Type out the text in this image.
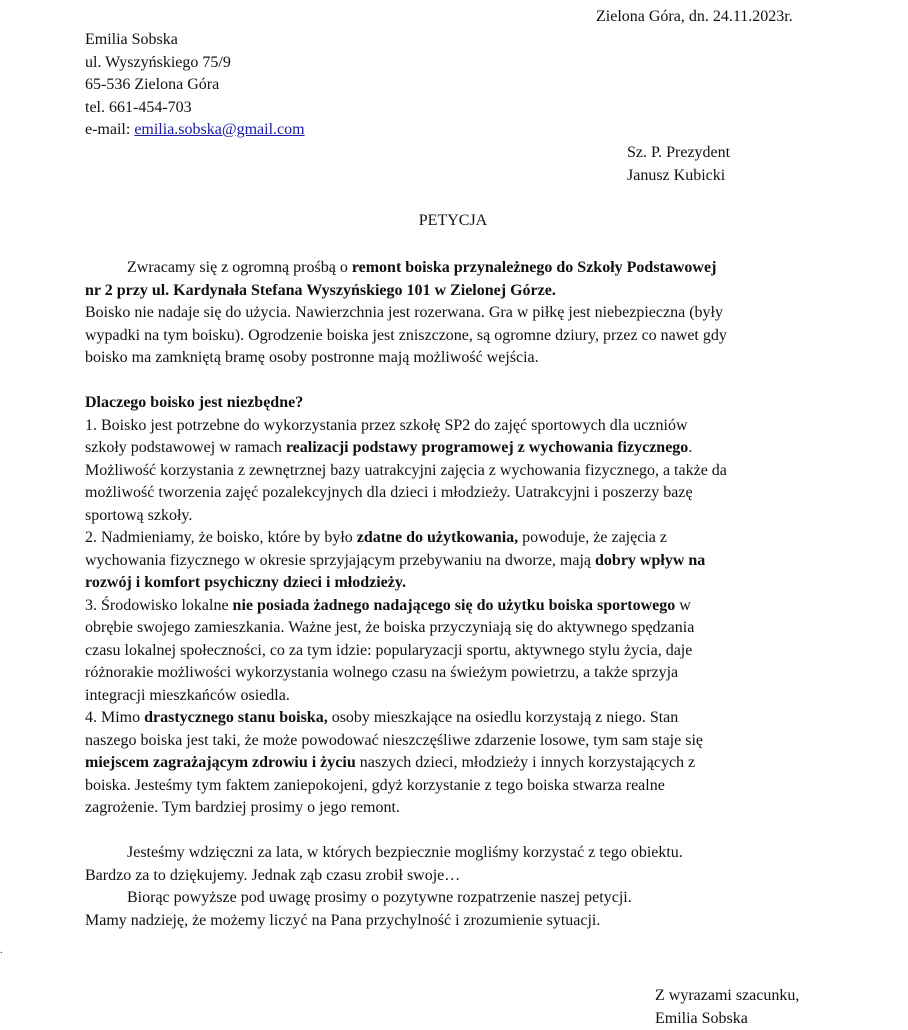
Zielona Góra, dn. 24.11.2023r.
Emilia Sobska
ul. Wyszyńskiego 75/9
65-536 Zielona Góra
tel. 661-454-703
e-mail: emilia.sobska@gmail.com
Sz. P. Prezydent
Janusz Kubicki
PETYCJA

Zwracamy się z ogromną prośbą o remont boiska przynależnego do Szkoły Podstawowej

nr 2 przy ul. Kardynała Stefana Wyszyńskiego 101 w Zielonej Górze.

Boisko nie nadaje się do użycia. Nawierzchnia jest rozerwana. Gra w piłkę jest niebezpieczna (były

wypadki na tym boisku). Ogrodzenie boiska jest zniszczone, są ogromne dziury, przez co nawet gdy

boisko ma zamkniętą bramę osoby postronne mają możliwość wejścia.

Dlaczego boisko jest niezbędne?

1. Boisko jest potrzebne do wykorzystania przez szkołę SP2 do zajęć sportowych dla uczniów

szkoły podstawowej w ramach realizacji podstawy programowej z wychowania fizycznego.

Możliwość korzystania z zewnętrznej bazy uatrakcyjni zajęcia z wychowania fizycznego, a także da

możliwość tworzenia zajęć pozalekcyjnych dla dzieci i młodzieży. Uatrakcyjni i poszerzy bazę

sportową szkoły.

2. Nadmieniamy, że boisko, które by było zdatne do użytkowania, powoduje, że zajęcia z

wychowania fizycznego w okresie sprzyjającym przebywaniu na dworze, mają dobry wpływ na

rozwój i komfort psychiczny dzieci i młodzieży.

3. Środowisko lokalne nie posiada żadnego nadającego się do użytku boiska sportowego w

obrębie swojego zamieszkania. Ważne jest, że boiska przyczyniają się do aktywnego spędzania

czasu lokalnej społeczności, co za tym idzie: popularyzacji sportu, aktywnego stylu życia, daje

różnorakie możliwości wykorzystania wolnego czasu na świeżym powietrzu, a także sprzyja

integracji mieszkańców osiedla.

4. Mimo drastycznego stanu boiska, osoby mieszkające na osiedlu korzystają z niego. Stan

naszego boiska jest taki, że może powodować nieszczęśliwe zdarzenie losowe, tym sam staje się

miejscem zagrażającym zdrowiu i życiu naszych dzieci, młodzieży i innych korzystających z

boiska. Jesteśmy tym faktem zaniepokojeni, gdyż korzystanie z tego boiska stwarza realne

zagrożenie. Tym bardziej prosimy o jego remont.

Jesteśmy wdzięczni za lata, w których bezpiecznie mogliśmy korzystać z tego obiektu.

Bardzo za to dziękujemy. Jednak ząb czasu zrobił swoje…

Biorąc powyższe pod uwagę prosimy o pozytywne rozpatrzenie naszej petycji.

Mamy nadzieję, że możemy liczyć na Pana przychylność i zrozumienie sytuacji.

.
Z wyrazami szacunku,
Emilia Sobska
